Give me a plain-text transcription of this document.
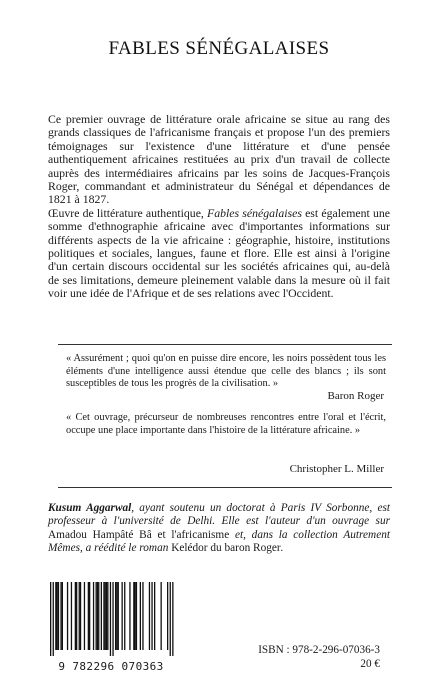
FABLES SÉNÉGALAISES

Ce premier ouvrage de littérature orale africaine se situe au rang des grands classiques de l'africanisme français et propose l'un des premiers témoignages sur l'existence d'une littérature et d'une pensée authentiquement africaines restituées au prix d'un travail de collecte auprès des intermédiaires africains par les soins de Jacques-François Roger, commandant et administrateur du Sénégal et dépendances de 1821 à 1827.

Œuvre de littérature authentique, Fables sénégalaises est également une somme d'ethnographie africaine avec d'importantes informations sur différents aspects de la vie africaine : géographie, histoire, institutions politiques et sociales, langues, faune et flore. Elle est ainsi à l'origine d'un certain discours occidental sur les sociétés africaines qui, au-delà de ses limitations, demeure pleinement valable dans la mesure où il fait voir une idée de l'Afrique et de ses relations avec l'Occident.

« Assurément ; quoi qu'on en puisse dire encore, les noirs possèdent tous les éléments d'une intelligence aussi étendue que celle des blancs ; ils sont susceptibles de tous les progrès de la civilisation. »
Baron Roger
« Cet ouvrage, précurseur de nombreuses rencontres entre l'oral et l'écrit, occupe une place importante dans l'histoire de la littérature africaine. »
Christopher L. Miller
Kusum Aggarwal, ayant soutenu un doctorat à Paris IV Sorbonne, est professeur à l'université de Delhi. Elle est l'auteur d'un ouvrage sur Amadou Hampâté Bâ et l'africanisme et, dans la collection Autrement Mêmes, a réédité le roman Kelédor du baron Roger.
9 782296 070363
ISBN : 978-2-296-07036-3
20 €
